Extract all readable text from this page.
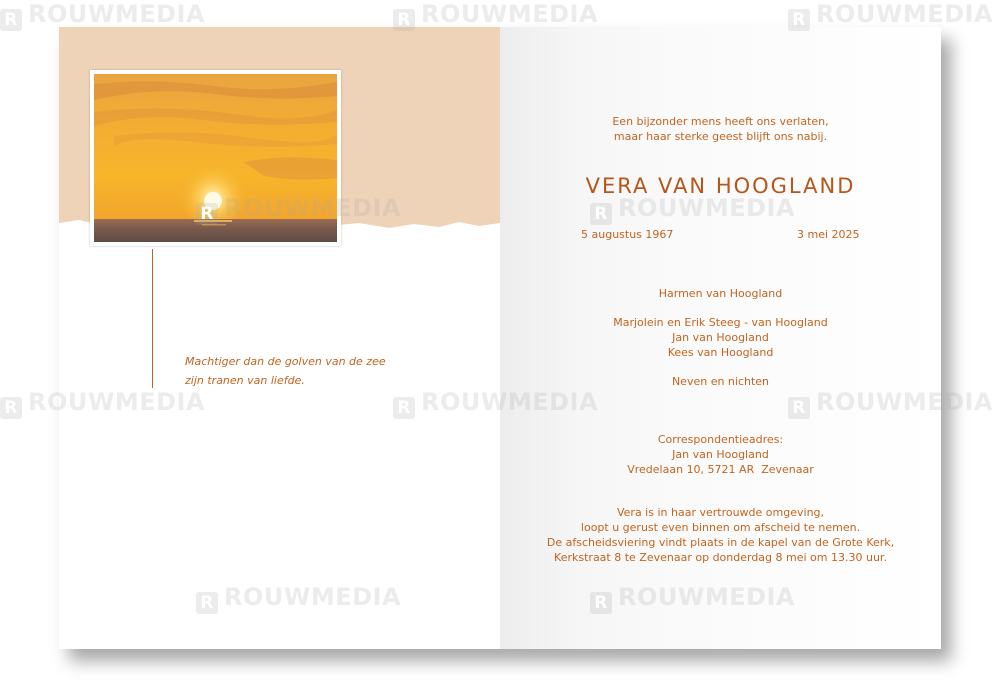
Machtiger dan de golven van de zee
zijn tranen van liefde.
Een bijzonder mens heeft ons verlaten,
maar haar sterke geest blijft ons nabij.
VERA VAN HOOGLAND
5 augustus 1967	3 mei 2025
Harmen van Hoogland
Marjolein en Erik Steeg - van Hoogland
Jan van Hoogland
Kees van Hoogland
Neven en nichten
Correspondentieadres:
Jan van Hoogland
Vredelaan 10, 5721 AR  Zevenaar
Vera is in haar vertrouwde omgeving,
loopt u gerust even binnen om afscheid te nemen.
De afscheidsviering vindt plaats in de kapel van de Grote Kerk,
Kerkstraat 8 te Zevenaar op donderdag 8 mei om 13.30 uur.
R ROUWMEDIA	R ROUWMEDIA	R ROUWMEDIA
R ROUWMEDIA	R ROUWMEDIA
R ROUWMEDIA	R ROUWMEDIA	R ROUWMEDIA
R ROUWMEDIA	R ROUWMEDIA
